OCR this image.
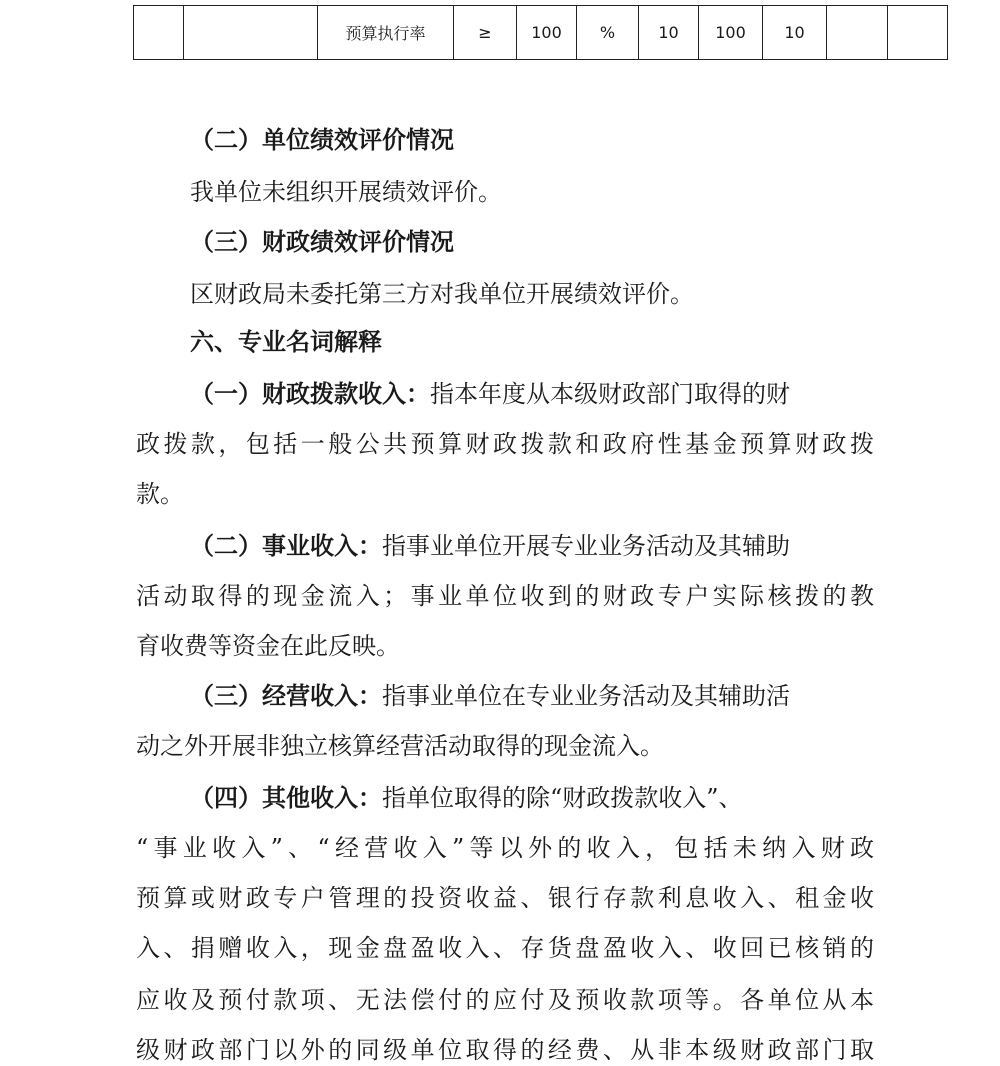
		预算执行率	≥	100	%	10	100	10		

（二）单位绩效评价情况

我单位未组织开展绩效评价。

（三）财政绩效评价情况

区财政局未委托第三方对我单位开展绩效评价。

六、专业名词解释

（一）财政拨款收入：指本年度从本级财政部门取得的财

政拨款，包括一般公共预算财政拨款和政府性基金预算财政拨

款。

（二）事业收入：指事业单位开展专业业务活动及其辅助

活动取得的现金流入；事业单位收到的财政专户实际核拨的教

育收费等资金在此反映。

（三）经营收入：指事业单位在专业业务活动及其辅助活

动之外开展非独立核算经营活动取得的现金流入。

（四）其他收入：指单位取得的除“财政拨款收入”、

“事业收入”、“经营收入”等以外的收入，包括未纳入财政

预算或财政专户管理的投资收益、银行存款利息收入、租金收

入、捐赠收入，现金盘盈收入、存货盘盈收入、收回已核销的

应收及预付款项、无法偿付的应付及预收款项等。各单位从本

级财政部门以外的同级单位取得的经费、从非本级财政部门取
